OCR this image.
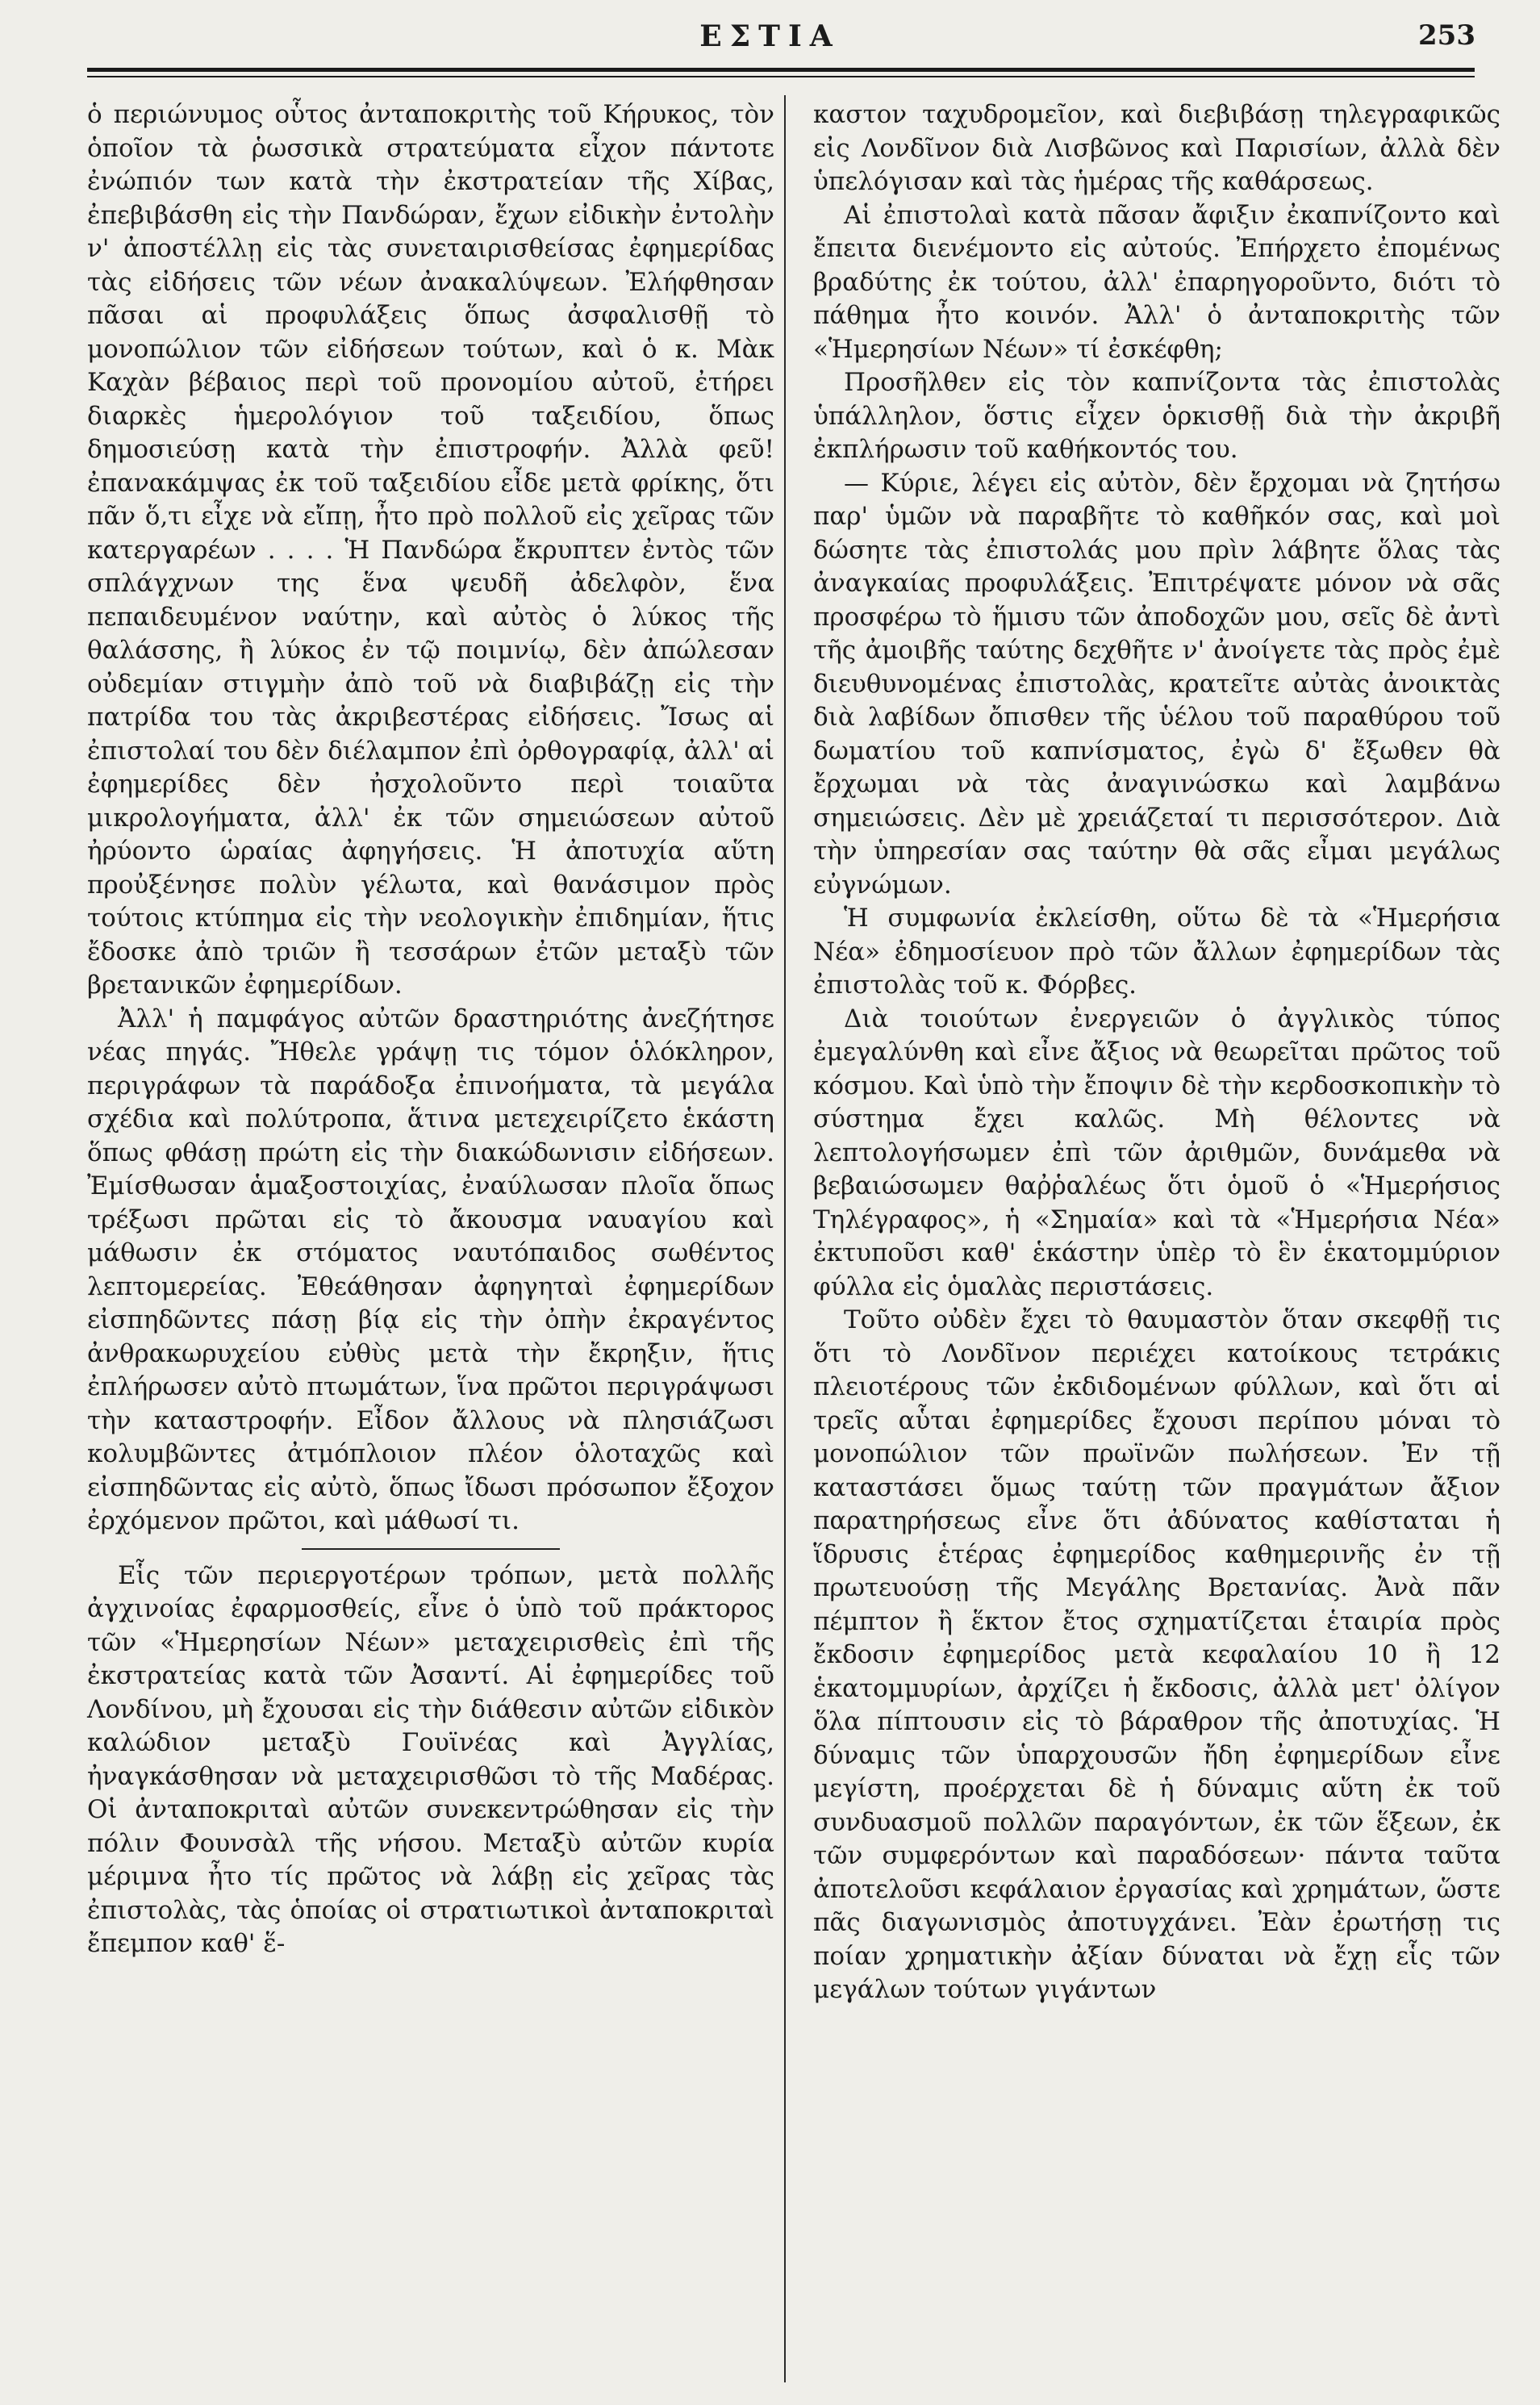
ΕΣΤΙΑ	253

ὁ περιώνυμος οὗτος ἀνταποκριτὴς τοῦ Κήρυκος, τὸν ὁποῖον τὰ ῥωσσικὰ στρατεύματα εἶχον πάντοτε ἐνώπιόν των κατὰ τὴν ἐκστρατείαν τῆς Χίβας, ἐπεβιβάσθη εἰς τὴν Πανδώραν, ἔχων εἰδικὴν ἐντολὴν ν' ἀποστέλλῃ εἰς τὰς συνεταιρισθείσας ἐφημερίδας τὰς εἰδήσεις τῶν νέων ἀνακαλύψεων. Ἐλήφθησαν πᾶσαι αἱ προφυλάξεις ὅπως ἀσφαλισθῇ τὸ μονοπώλιον τῶν εἰδήσεων τούτων, καὶ ὁ κ. Μὰκ Καχὰν βέβαιος περὶ τοῦ προνομίου αὐτοῦ, ἐτήρει διαρκὲς ἡμερολόγιον τοῦ ταξειδίου, ὅπως δημοσιεύσῃ κατὰ τὴν ἐπιστροφήν. Ἀλλὰ φεῦ! ἐπανακάμψας ἐκ τοῦ ταξειδίου εἶδε μετὰ φρίκης, ὅτι πᾶν ὅ,τι εἶχε νὰ εἴπῃ, ἦτο πρὸ πολλοῦ εἰς χεῖρας τῶν κατεργαρέων . . . . Ἡ Πανδώρα ἔκρυπτεν ἐντὸς τῶν σπλάγχνων της ἕνα ψευδῆ ἀδελφὸν, ἕνα πεπαιδευμένον ναύτην, καὶ αὐτὸς ὁ λύκος τῆς θαλάσσης, ἢ λύκος ἐν τῷ ποιμνίῳ, δὲν ἀπώλεσαν οὐδεμίαν στιγμὴν ἀπὸ τοῦ νὰ διαβιβάζῃ εἰς τὴν πατρίδα του τὰς ἀκριβεστέρας εἰδήσεις. Ἴσως αἱ ἐπιστολαί του δὲν διέλαμπον ἐπὶ ὀρθογραφίᾳ, ἀλλ' αἱ ἐφημερίδες δὲν ἠσχολοῦντο περὶ τοιαῦτα μικρολογήματα, ἀλλ' ἐκ τῶν σημειώσεων αὐτοῦ ἠρύοντο ὡραίας ἀφηγήσεις. Ἡ ἀποτυχία αὕτη προὐξένησε πολὺν γέλωτα, καὶ θανάσιμον πρὸς τούτοις κτύπημα εἰς τὴν νεολογικὴν ἐπιδημίαν, ἥτις ἔδοσκε ἀπὸ τριῶν ἢ τεσσάρων ἐτῶν μεταξὺ τῶν βρετανικῶν ἐφημερίδων.

Ἀλλ' ἡ παμφάγος αὐτῶν δραστηριότης ἀνεζήτησε νέας πηγάς. Ἤθελε γράψῃ τις τόμον ὁλόκληρον, περιγράφων τὰ παράδοξα ἐπινοήματα, τὰ μεγάλα σχέδια καὶ πολύτροπα, ἅτινα μετεχειρίζετο ἑκάστη ὅπως φθάσῃ πρώτη εἰς τὴν διακώδωνισιν εἰδήσεων. Ἐμίσθωσαν ἁμαξοστοιχίας, ἐναύλωσαν πλοῖα ὅπως τρέξωσι πρῶται εἰς τὸ ἄκουσμα ναυαγίου καὶ μάθωσιν ἐκ στόματος ναυτόπαιδος σωθέντος λεπτομερείας. Ἐθεάθησαν ἀφηγηταὶ ἐφημερίδων εἰσπηδῶντες πάσῃ βίᾳ εἰς τὴν ὀπὴν ἐκραγέντος ἀνθρακωρυχείου εὐθὺς μετὰ τὴν ἔκρηξιν, ἥτις ἐπλήρωσεν αὐτὸ πτωμάτων, ἵνα πρῶτοι περιγράψωσι τὴν καταστροφήν. Εἶδον ἄλλους νὰ πλησιάζωσι κολυμβῶντες ἀτμόπλοιον πλέον ὁλοταχῶς καὶ εἰσπηδῶντας εἰς αὐτὸ, ὅπως ἴδωσι πρόσωπον ἔξοχον ἐρχόμενον πρῶτοι, καὶ μάθωσί τι.

Εἷς τῶν περιεργοτέρων τρόπων, μετὰ πολλῆς ἀγχινοίας ἐφαρμοσθείς, εἶνε ὁ ὑπὸ τοῦ πράκτορος τῶν «Ἡμερησίων Νέων» μεταχειρισθεὶς ἐπὶ τῆς ἐκστρατείας κατὰ τῶν Ἀσαντί. Αἱ ἐφημερίδες τοῦ Λονδίνου, μὴ ἔχουσαι εἰς τὴν διάθεσιν αὐτῶν εἰδικὸν καλώδιον μεταξὺ Γουϊνέας καὶ Ἀγγλίας, ἠναγκάσθησαν νὰ μεταχειρισθῶσι τὸ τῆς Μαδέρας. Οἱ ἀνταποκριταὶ αὐτῶν συνεκεντρώθησαν εἰς τὴν πόλιν Φουνσὰλ τῆς νήσου. Μεταξὺ αὐτῶν κυρία μέριμνα ἦτο τίς πρῶτος νὰ λάβῃ εἰς χεῖρας τὰς ἐπιστολὰς, τὰς ὁποίας οἱ στρατιωτικοὶ ἀνταποκριταὶ ἔπεμπον καθ' ἕ-

καστον ταχυδρομεῖον, καὶ διεβιβάσῃ τηλεγραφικῶς εἰς Λονδῖνον διὰ Λισβῶνος καὶ Παρισίων, ἀλλὰ δὲν ὑπελόγισαν καὶ τὰς ἡμέρας τῆς καθάρσεως.

Αἱ ἐπιστολαὶ κατὰ πᾶσαν ἄφιξιν ἐκαπνίζοντο καὶ ἔπειτα διενέμοντο εἰς αὐτούς. Ἐπήρχετο ἐπομένως βραδύτης ἐκ τούτου, ἀλλ' ἐπαρηγοροῦντο, διότι τὸ πάθημα ἦτο κοινόν. Ἀλλ' ὁ ἀνταποκριτὴς τῶν «Ἡμερησίων Νέων» τί ἐσκέφθη;

Προσῆλθεν εἰς τὸν καπνίζοντα τὰς ἐπιστολὰς ὑπάλληλον, ὅστις εἶχεν ὁρκισθῇ διὰ τὴν ἀκριβῆ ἐκπλήρωσιν τοῦ καθήκοντός του.

— Κύριε, λέγει εἰς αὐτὸν, δὲν ἔρχομαι νὰ ζητήσω παρ' ὑμῶν νὰ παραβῆτε τὸ καθῆκόν σας, καὶ μοὶ δώσητε τὰς ἐπιστολάς μου πρὶν λάβητε ὅλας τὰς ἀναγκαίας προφυλάξεις. Ἐπιτρέψατε μόνον νὰ σᾶς προσφέρω τὸ ἥμισυ τῶν ἀποδοχῶν μου, σεῖς δὲ ἀντὶ τῆς ἀμοιβῆς ταύτης δεχθῆτε ν' ἀνοίγετε τὰς πρὸς ἐμὲ διευθυνομένας ἐπιστολὰς, κρατεῖτε αὐτὰς ἀνοικτὰς διὰ λαβίδων ὄπισθεν τῆς ὑέλου τοῦ παραθύρου τοῦ δωματίου τοῦ καπνίσματος, ἐγὼ δ' ἔξωθεν θὰ ἔρχωμαι νὰ τὰς ἀναγινώσκω καὶ λαμβάνω σημειώσεις. Δὲν μὲ χρειάζεταί τι περισσότερον. Διὰ τὴν ὑπηρεσίαν σας ταύτην θὰ σᾶς εἶμαι μεγάλως εὐγνώμων.

Ἡ συμφωνία ἐκλείσθη, οὕτω δὲ τὰ «Ἡμερήσια Νέα» ἐδημοσίευον πρὸ τῶν ἄλλων ἐφημερίδων τὰς ἐπιστολὰς τοῦ κ. Φόρβες.

Διὰ τοιούτων ἐνεργειῶν ὁ ἀγγλικὸς τύπος ἐμεγαλύνθη καὶ εἶνε ἄξιος νὰ θεωρεῖται πρῶτος τοῦ κόσμου. Καὶ ὑπὸ τὴν ἔποψιν δὲ τὴν κερδοσκοπικὴν τὸ σύστημα ἔχει καλῶς. Μὴ θέλοντες νὰ λεπτολογήσωμεν ἐπὶ τῶν ἀριθμῶν, δυνάμεθα νὰ βεβαιώσωμεν θαῤῥαλέως ὅτι ὁμοῦ ὁ «Ἡμερήσιος Τηλέγραφος», ἡ «Σημαία» καὶ τὰ «Ἡμερήσια Νέα» ἐκτυποῦσι καθ' ἑκάστην ὑπὲρ τὸ ἓν ἑκατομμύριον φύλλα εἰς ὁμαλὰς περιστάσεις.

Τοῦτο οὐδὲν ἔχει τὸ θαυμαστὸν ὅταν σκεφθῇ τις ὅτι τὸ Λονδῖνον περιέχει κατοίκους τετράκις πλειοτέρους τῶν ἐκδιδομένων φύλλων, καὶ ὅτι αἱ τρεῖς αὗται ἐφημερίδες ἔχουσι περίπου μόναι τὸ μονοπώλιον τῶν πρωϊνῶν πωλήσεων. Ἐν τῇ καταστάσει ὅμως ταύτῃ τῶν πραγμάτων ἄξιον παρατηρήσεως εἶνε ὅτι ἀδύνατος καθίσταται ἡ ἵδρυσις ἑτέρας ἐφημερίδος καθημερινῆς ἐν τῇ πρωτευούσῃ τῆς Μεγάλης Βρετανίας. Ἀνὰ πᾶν πέμπτον ἢ ἕκτον ἔτος σχηματίζεται ἑταιρία πρὸς ἔκδοσιν ἐφημερίδος μετὰ κεφαλαίου 10 ἢ 12 ἑκατομμυρίων, ἀρχίζει ἡ ἔκδοσις, ἀλλὰ μετ' ὀλίγον ὅλα πίπτουσιν εἰς τὸ βάραθρον τῆς ἀποτυχίας. Ἡ δύναμις τῶν ὑπαρχουσῶν ἤδη ἐφημερίδων εἶνε μεγίστη, προέρχεται δὲ ἡ δύναμις αὕτη ἐκ τοῦ συνδυασμοῦ πολλῶν παραγόντων, ἐκ τῶν ἕξεων, ἐκ τῶν συμφερόντων καὶ παραδόσεων· πάντα ταῦτα ἀποτελοῦσι κεφάλαιον ἐργασίας καὶ χρημάτων, ὥστε πᾶς διαγωνισμὸς ἀποτυγχάνει. Ἐὰν ἐρωτήσῃ τις ποίαν χρηματικὴν ἀξίαν δύναται νὰ ἔχῃ εἷς τῶν μεγάλων τούτων γιγάντων
